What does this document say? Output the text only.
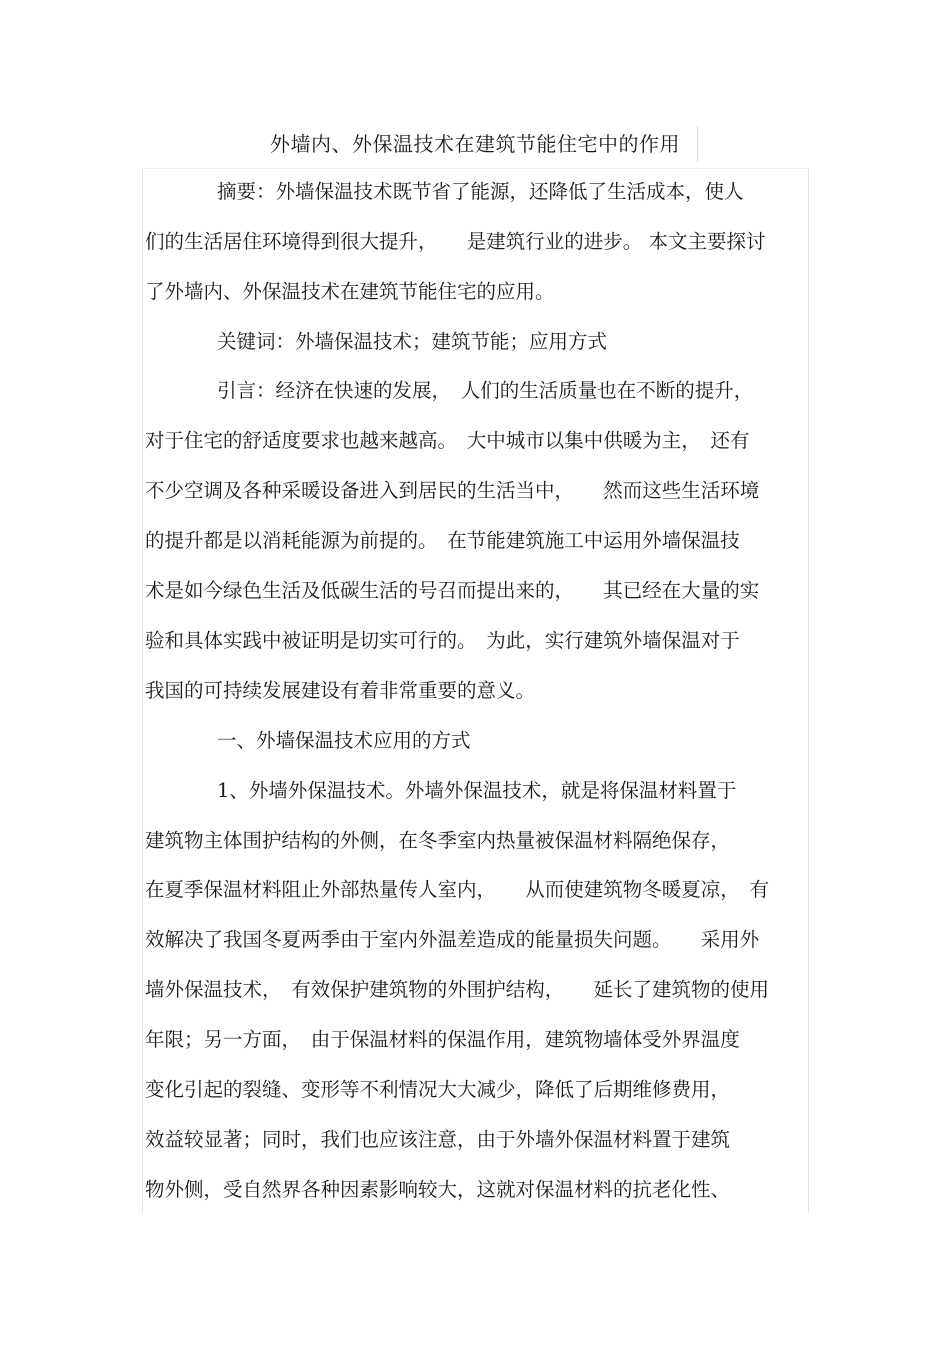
外墙内、外保温技术在建筑节能住宅中的作用

摘要：外墙保温技术既节省了能源，还降低了生活成本，使人

们的生活居住环境得到很大提升，　　是建筑行业的进步。 本文主要探讨

了外墙内、外保温技术在建筑节能住宅的应用。

关键词：外墙保温技术；建筑节能；应用方式

引言：经济在快速的发展，　人们的生活质量也在不断的提升，

对于住宅的舒适度要求也越来越高。　大中城市以集中供暖为主，　还有

不少空调及各种采暖设备进入到居民的生活当中，　　然而这些生活环境

的提升都是以消耗能源为前提的。　在节能建筑施工中运用外墙保温技

术是如今绿色生活及低碳生活的号召而提出来的，　　其已经在大量的实

验和具体实践中被证明是切实可行的。　为此，实行建筑外墙保温对于

我国的可持续发展建设有着非常重要的意义。

一、外墙保温技术应用的方式

1、外墙外保温技术。外墙外保温技术，就是将保温材料置于

建筑物主体围护结构的外侧，在冬季室内热量被保温材料隔绝保存，

在夏季保温材料阻止外部热量传人室内，　　从而使建筑物冬暖夏凉，　有

效解决了我国冬夏两季由于室内外温差造成的能量损失问题。　　采用外

墙外保温技术，　有效保护建筑物的外围护结构，　　延长了建筑物的使用

年限；另一方面，　由于保温材料的保温作用，建筑物墙体受外界温度

变化引起的裂缝、变形等不利情况大大减少，降低了后期维修费用，

效益较显著；同时，我们也应该注意，由于外墙外保温材料置于建筑

物外侧，受自然界各种因素影响较大，这就对保温材料的抗老化性、
